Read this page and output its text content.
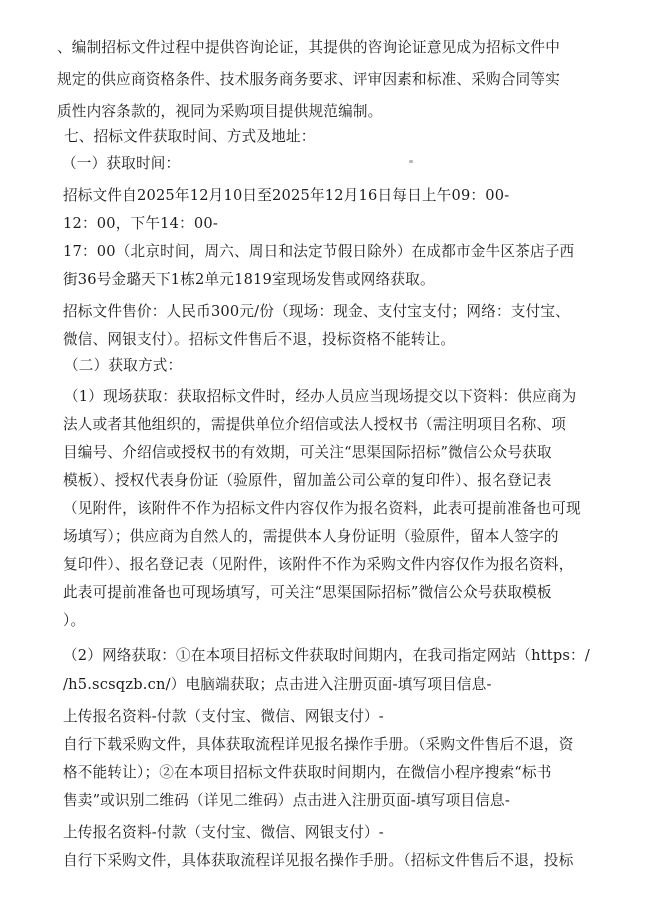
、编制招标文件过程中提供咨询论证，其提供的咨询论证意见成为招标文件中
规定的供应商资格条件、技术服务商务要求、评审因素和标准、采购合同等实
质性内容条款的，视同为采购项目提供规范编制。
七、招标文件获取时间、方式及地址：
（一）获取时间：
招标文件自2025年12月10日至2025年12月16日每日上午09：00-
12：00，下午14：00-
17：00（北京时间，周六、周日和法定节假日除外）在成都市金牛区茶店子西
街36号金璐天下1栋2单元1819室现场发售或网络获取。
招标文件售价：人民币300元/份（现场：现金、支付宝支付；网络：支付宝、
微信、网银支付）。招标文件售后不退，投标资格不能转让。
（二）获取方式：
（1）现场获取：获取招标文件时，经办人员应当现场提交以下资料：供应商为
法人或者其他组织的，需提供单位介绍信或法人授权书（需注明项目名称、项
目编号、介绍信或授权书的有效期，可关注“思渠国际招标”微信公众号获取
模板）、授权代表身份证（验原件，留加盖公司公章的复印件）、报名登记表
（见附件，该附件不作为招标文件内容仅作为报名资料，此表可提前准备也可现
场填写）；供应商为自然人的，需提供本人身份证明（验原件，留本人签字的
复印件）、报名登记表（见附件，该附件不作为采购文件内容仅作为报名资料，
此表可提前准备也可现场填写，可关注“思渠国际招标”微信公众号获取模板
）。
（2）网络获取：①在本项目招标文件获取时间期内，在我司指定网站（https：/
/h5.scsqzb.cn/）电脑端获取；点击进入注册页面-填写项目信息-
上传报名资料-付款（支付宝、微信、网银支付）-
自行下载采购文件，具体获取流程详见报名操作手册。（采购文件售后不退，资
格不能转让）；②在本项目招标文件获取时间期内，在微信小程序搜索“标书
售卖”或识别二维码（详见二维码）点击进入注册页面-填写项目信息-
上传报名资料-付款（支付宝、微信、网银支付）-
自行下采购文件，具体获取流程详见报名操作手册。（招标文件售后不退，投标
